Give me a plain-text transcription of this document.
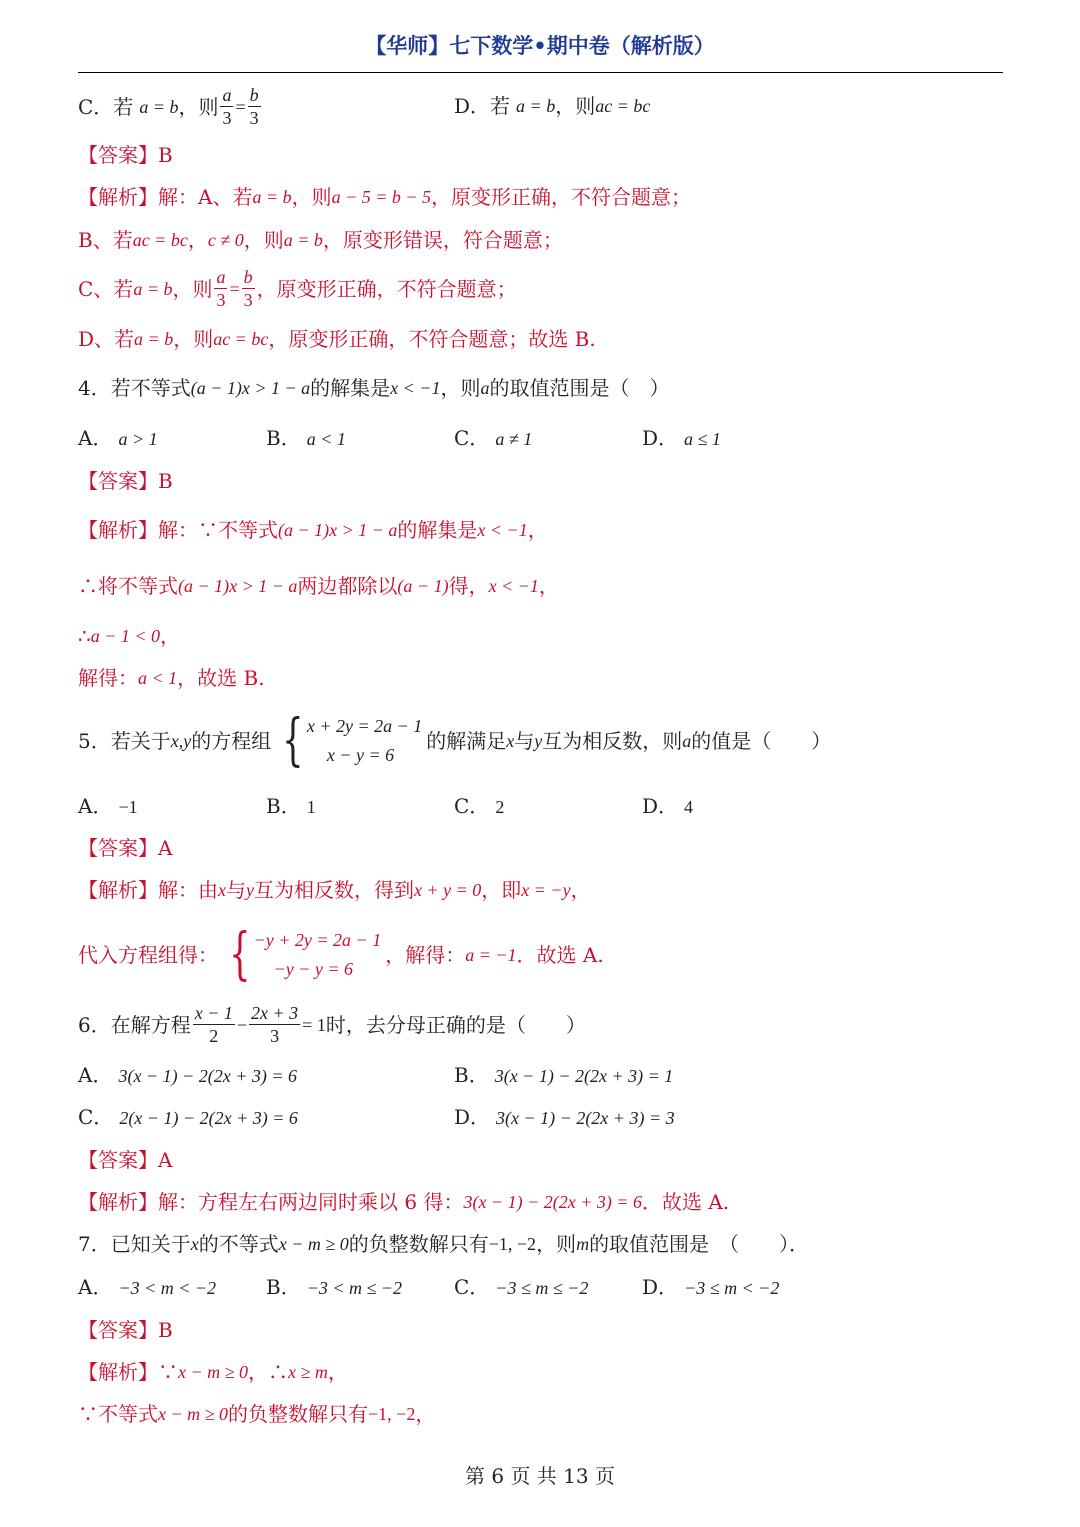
【华师】七下数学•期中卷（解析版）
C．若 a = b ，则 $\frac{a}{3} = \frac{b}{3}$	D．若 a = b ，则 ac = bc
【答案】B
【解析】解：A、若 a = b ，则 a − 5 = b − 5 ，原变形正确，不符合题意；
B、若 ac = bc ， c ≠ 0 ，则 a = b ，原变形错误，符合题意；
C、若 a = b ，则 $\frac{a}{3} = \frac{b}{3}$ ，原变形正确，不符合题意；
D、若 a = b ，则 ac = bc ，原变形正确，不符合题意；故选 B.
4．若不等式 (a − 1)x > 1 − a 的解集是 x < −1 ，则 a 的取值范围是（　）
A． a > 1	B． a < 1	C． a ≠ 1	D． a ≤ 1
【答案】B
【解析】解：∵不等式 (a − 1)x > 1 − a 的解集是 x < −1 ，
∴将不等式 (a − 1)x > 1 − a 两边都除以 (a − 1) 得， x < −1 ，
∴ a − 1 < 0 ，
解得： a < 1 ，故选 B.
5．若关于 x,y 的方程组 { x + 2y = 2a − 1
x − y = 6
的解满足 x 与 y 互为相反数，则 a 的值是（　　）
A． −1	B． 1	C． 2	D． 4
【答案】A
【解析】解：由 x 与 y 互为相反数，得到 x + y = 0 ，即 x = −y ，
代入方程组得： { −y + 2y = 2a − 1
−y − y = 6
，解得： a = −1 ．故选 A.
6．在解方程 $\frac{x - 1}{2} - \frac{2x + 3}{3} = 1$ 时，去分母正确的是（　　）
A． 3(x − 1) − 2(2x + 3) = 6	B． 3(x − 1) − 2(2x + 3) = 1
C． 2(x − 1) − 2(2x + 3) = 6	D． 3(x − 1) − 2(2x + 3) = 3
【答案】A
【解析】解：方程左右两边同时乘以 6 得： 3(x − 1) − 2(2x + 3) = 6 ．故选 A.
7．已知关于 x 的不等式 x − m ≥ 0 的负整数解只有 −1, −2 ，则 m 的取值范围是　（　　）．
A． −3 < m < −2 B． −3 < m ≤ −2	C． −3 ≤ m ≤ −2	D． −3 ≤ m < −2
【答案】B
【解析】∵ x − m ≥ 0 ，∴ x ≥ m ，
∵不等式 x − m ≥ 0 的负整数解只有 −1, −2 ，
第 6 页 共 13 页
